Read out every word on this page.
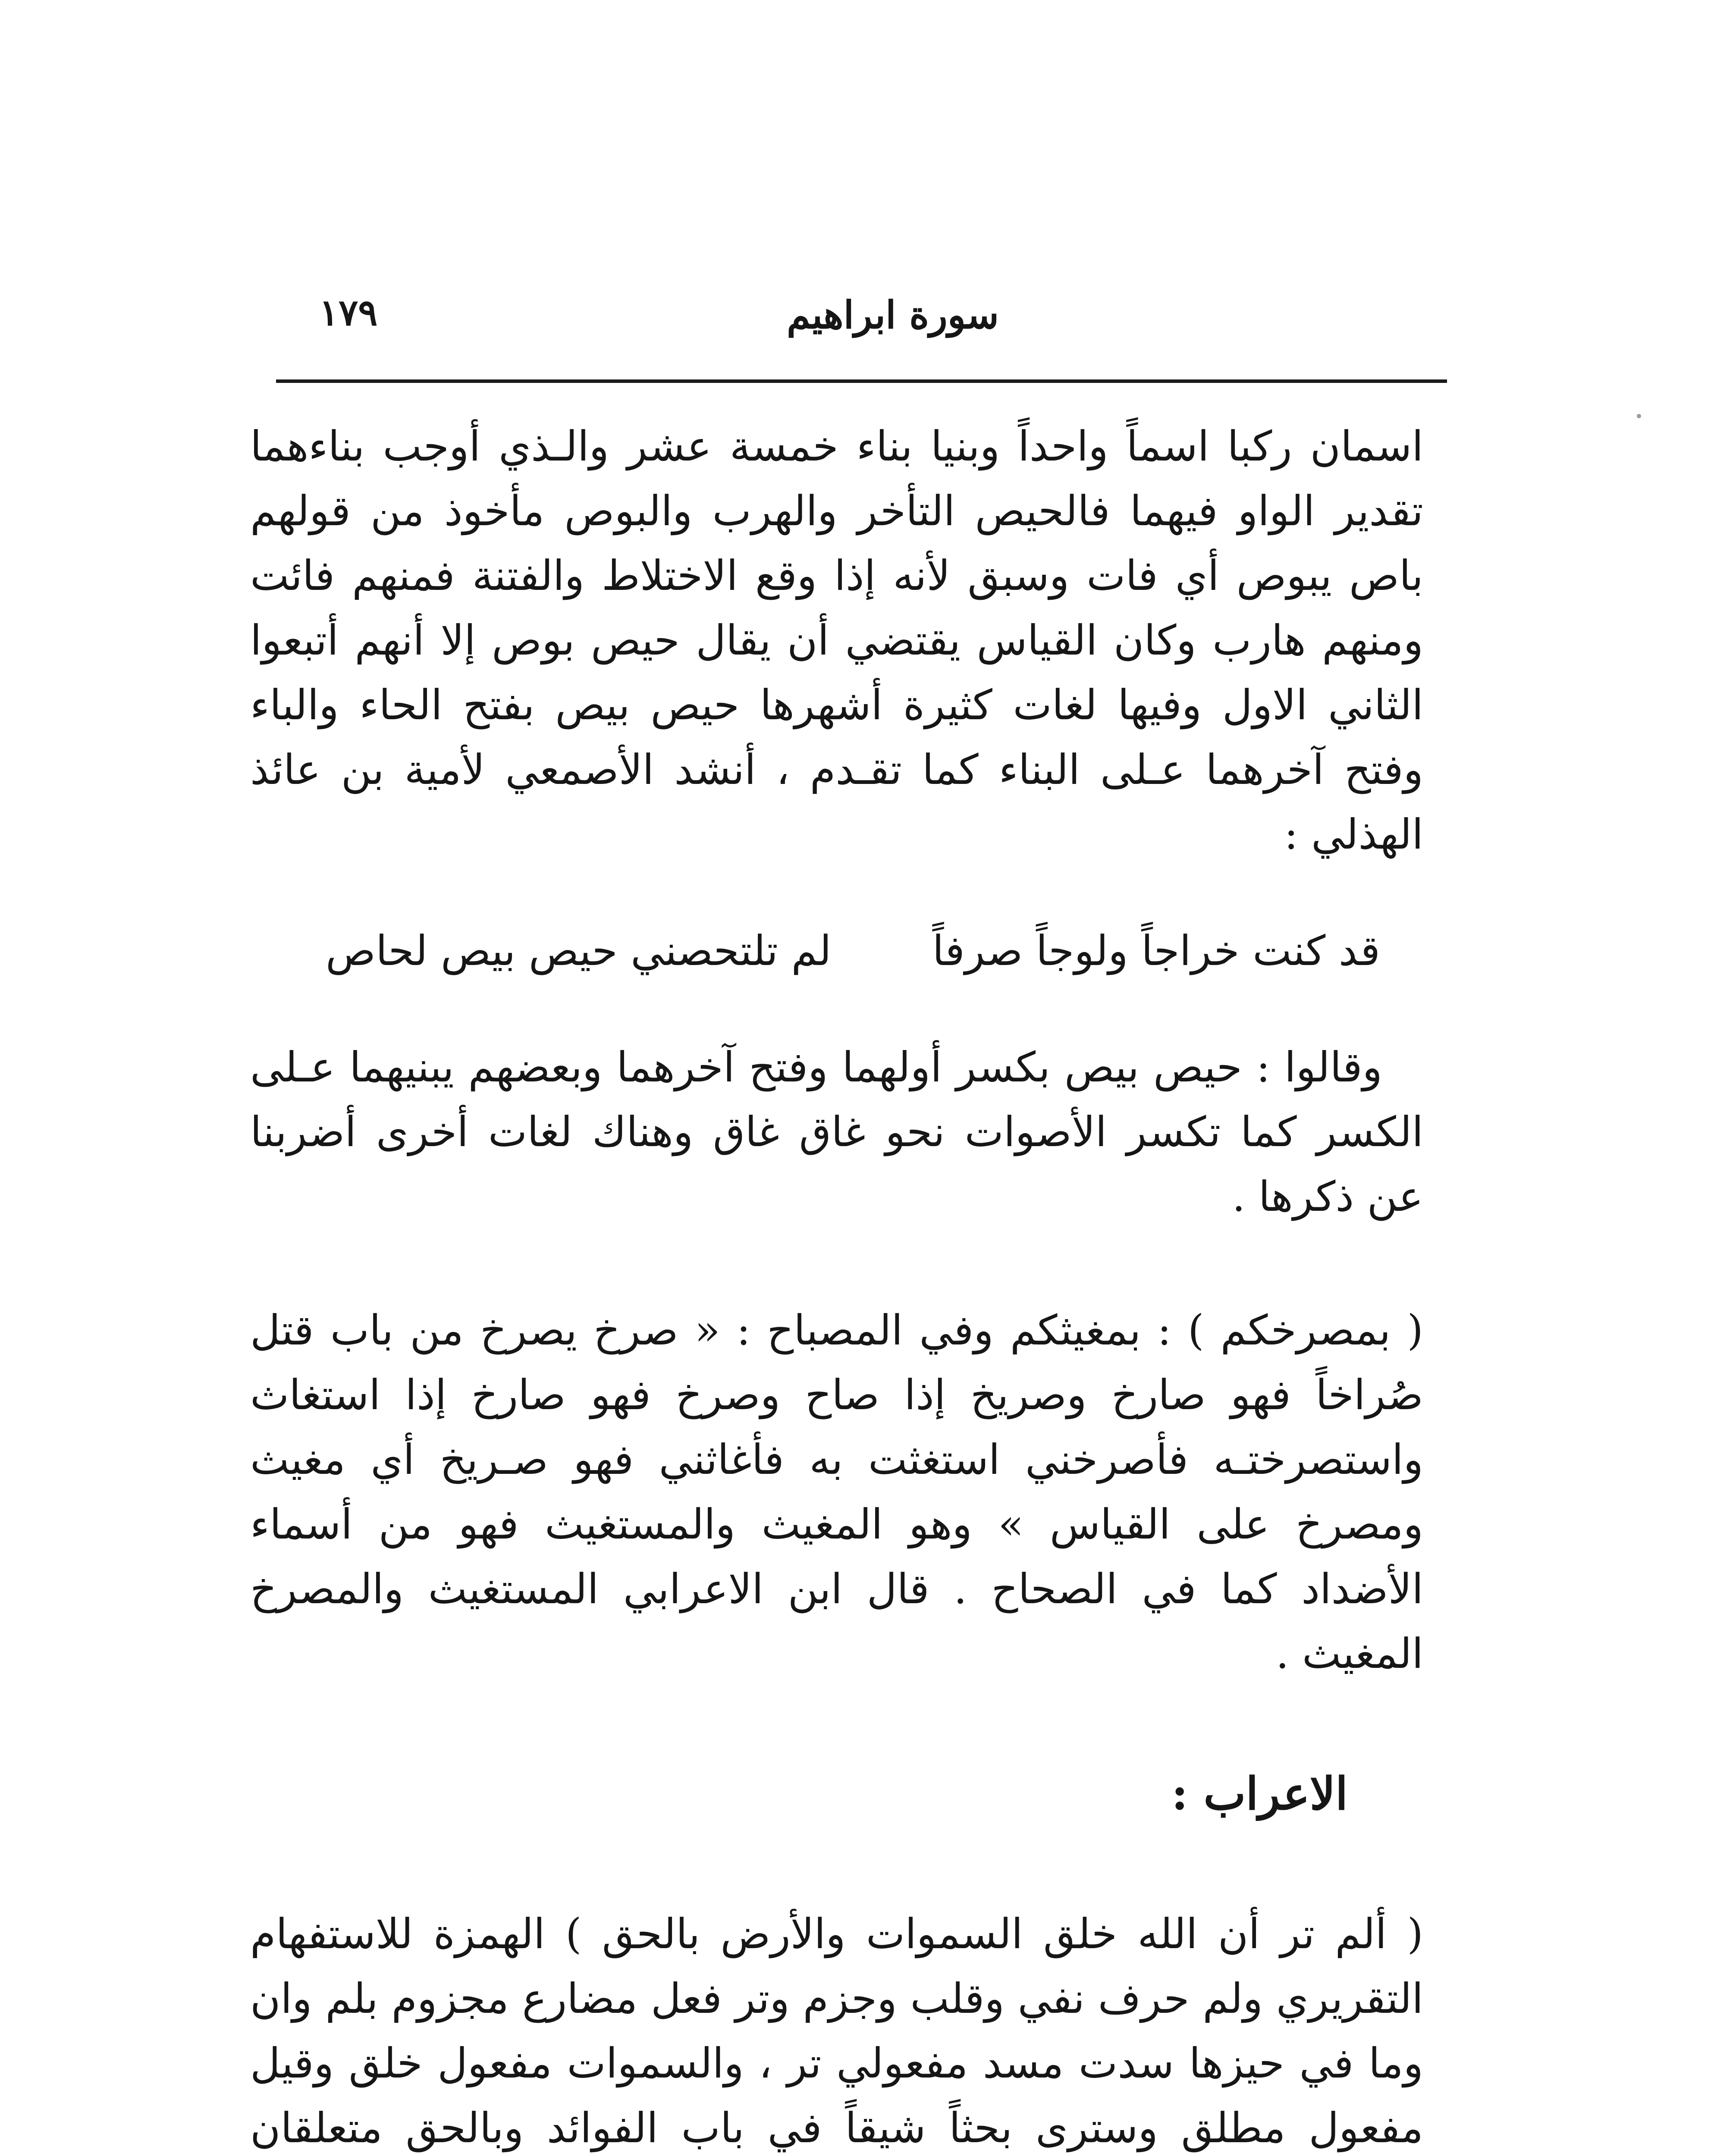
١٧٩	سورة ابراهيم

اسمان ركبا اسماً واحداً وبنيا بناء خمسة عشر والـذي أوجب بناءهما تقدير الواو فيهما فالحيص التأخر والهرب والبوص مأخوذ من قولهم باص يبوص أي فات وسبق لأنه إذا وقع الاختلاط والفتنة فمنهم فائت ومنهم هارب وكان القياس يقتضي أن يقال حيص بوص إلا أنهم أتبعوا الثاني الاول وفيها لغات كثيرة أشهرها حيص بيص بفتح الحاء والباء وفتح آخرهما عـلى البناء كما تقـدم ، أنشد الأصمعي لأمية بن عائذ الهذلي :

قد كنت خراجاً ولوجاً صرفاً
لم تلتحصني حيص بيص لحاص

وقالوا : حيص بيص بكسر أولهما وفتح آخرهما وبعضهم يبنيهما عـلى الكسر كما تكسر الأصوات نحو غاق غاق وهناك لغات أخرى أضربنا عن ذكرها .

( بمصرخكم ) : بمغيثكم وفي المصباح : « صرخ يصرخ من باب قتل صُراخاً فهو صارخ وصريخ إذا صاح وصرخ فهو صارخ إذا استغاث واستصرختـه فأصرخني استغثت به فأغاثني فهو صـريخ أي مغيث ومصرخ على القياس » وهو المغيث والمستغيث فهو من أسماء الأضداد كما في الصحاح . قال ابن الاعرابي المستغيث والمصرخ المغيث .

الاعراب :

( ألم تر أن الله خلق السموات والأرض بالحق ) الهمزة للاستفهام التقريري ولم حرف نفي وقلب وجزم وتر فعل مضارع مجزوم بلم وان وما في حيزها سدت مسد مفعولي تر ، والسموات مفعول خلق وقيل مفعول مطلق وسترى بحثاً شيقاً في باب الفوائد وبالحق متعلقان
